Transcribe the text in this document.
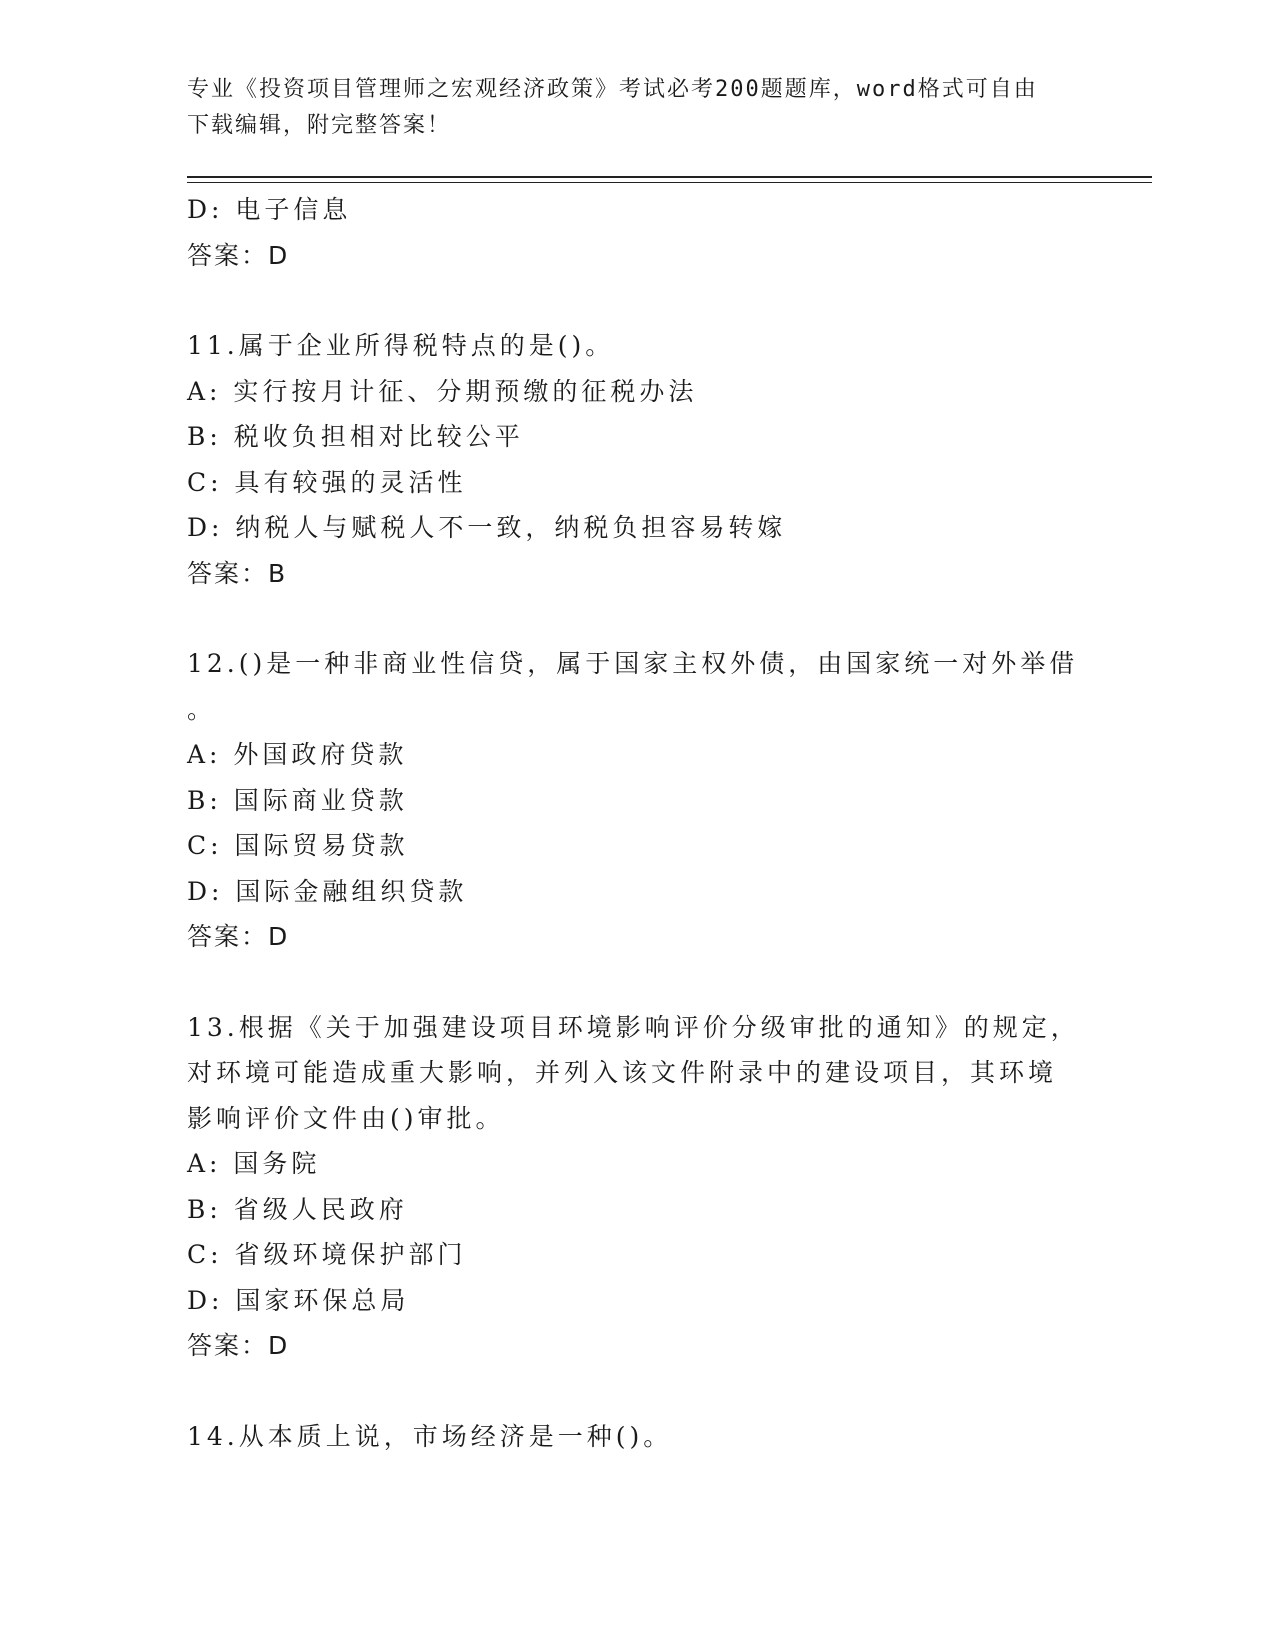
专业《投资项目管理师之宏观经济政策》考试必考200题题库，word格式可自由
下载编辑，附完整答案！
D: 电子信息
答案：D
11.属于企业所得税特点的是()。
A: 实行按月计征、分期预缴的征税办法
B: 税收负担相对比较公平
C: 具有较强的灵活性
D: 纳税人与赋税人不一致，纳税负担容易转嫁
答案：B
12.()是一种非商业性信贷，属于国家主权外债，由国家统一对外举借
。
A: 外国政府贷款
B: 国际商业贷款
C: 国际贸易贷款
D: 国际金融组织贷款
答案：D
13.根据《关于加强建设项目环境影响评价分级审批的通知》的规定，
对环境可能造成重大影响，并列入该文件附录中的建设项目，其环境
影响评价文件由()审批。
A: 国务院
B: 省级人民政府
C: 省级环境保护部门
D: 国家环保总局
答案：D
14.从本质上说，市场经济是一种()。
